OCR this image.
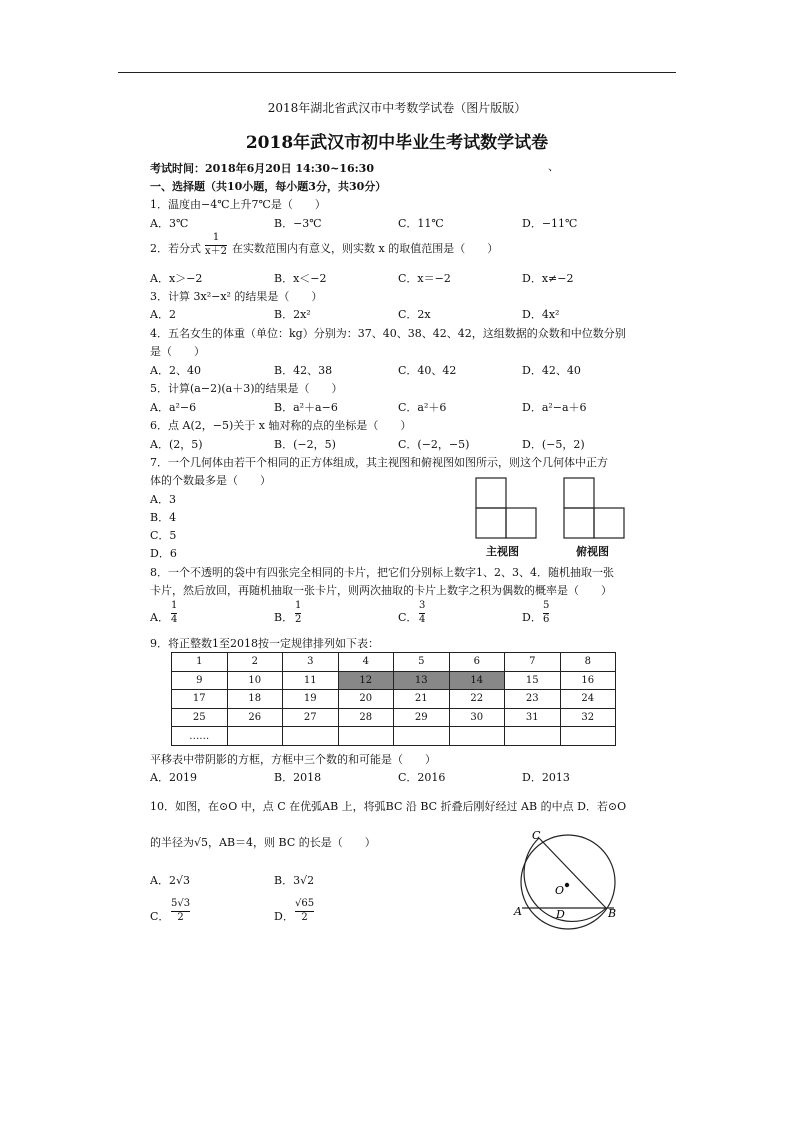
2018年湖北省武汉市中考数学试卷（图片版版）
2018年武汉市初中毕业生考试数学试卷
考试时间：2018年6月20日 14:30~16:30	、
一、选择题（共10小题，每小题3分，共30分）
1．温度由−4℃上升7℃是（　　）
A．3℃	B．−3℃	C．11℃	D．−11℃
2．若分式
1
x＋2 在实数范围内有意义，则实数 x 的取值范围是（　　）
A．x＞−2	B．x＜−2	C．x＝−2	D．x≠−2
3．计算 3x²−x² 的结果是（　　）
A．2	B．2x²	C．2x	D．4x²
4．五名女生的体重（单位：kg）分别为：37、40、38、42、42，这组数据的众数和中位数分别
是（　　）
A．2、40	B．42、38	C．40、42	D．42、40
5．计算(a−2)(a＋3)的结果是（　　）
A．a²−6	B．a²＋a−6	C．a²＋6	D．a²−a＋6
6．点 A(2，−5)关于 x 轴对称的点的坐标是（　　）
A．(2，5)	B．(−2，5)	C．(−2，−5)	D．(−5，2)
7．一个几何体由若干个相同的正方体组成，其主视图和俯视图如图所示，则这个几何体中正方
体的个数最多是（　　）
A．3
B．4
C．5
D．6	主视图	俯视图
8．一个不透明的袋中有四张完全相同的卡片，把它们分别标上数字1、2、3、4．随机抽取一张
卡片，然后放回，再随机抽取一张卡片，则两次抽取的卡片上数字之积为偶数的概率是（　　）
A．
1
4	B．
1
2	C．
3
4	D．
5
6
9．将正整数1至2018按一定规律排列如下表：
1	2	3	4	5	6	7	8
9	10	11	12	13	14	15	16
17	18	19	20	21	22	23	24
25	26	27	28	29	30	31	32
……							
平移表中带阴影的方框，方框中三个数的和可能是（　　）
A．2019	B．2018	C．2016	D．2013
10．如图，在⊙O 中，点 C 在优弧AB 上，将弧BC 沿 BC 折叠后刚好经过 AB 的中点 D．若⊙O
的半径为√5，AB＝4，则 BC 的长是（　　）
A．2√3	B．3√2
C．
5√3
2	D．
√65
2
C
O
A	D	B
